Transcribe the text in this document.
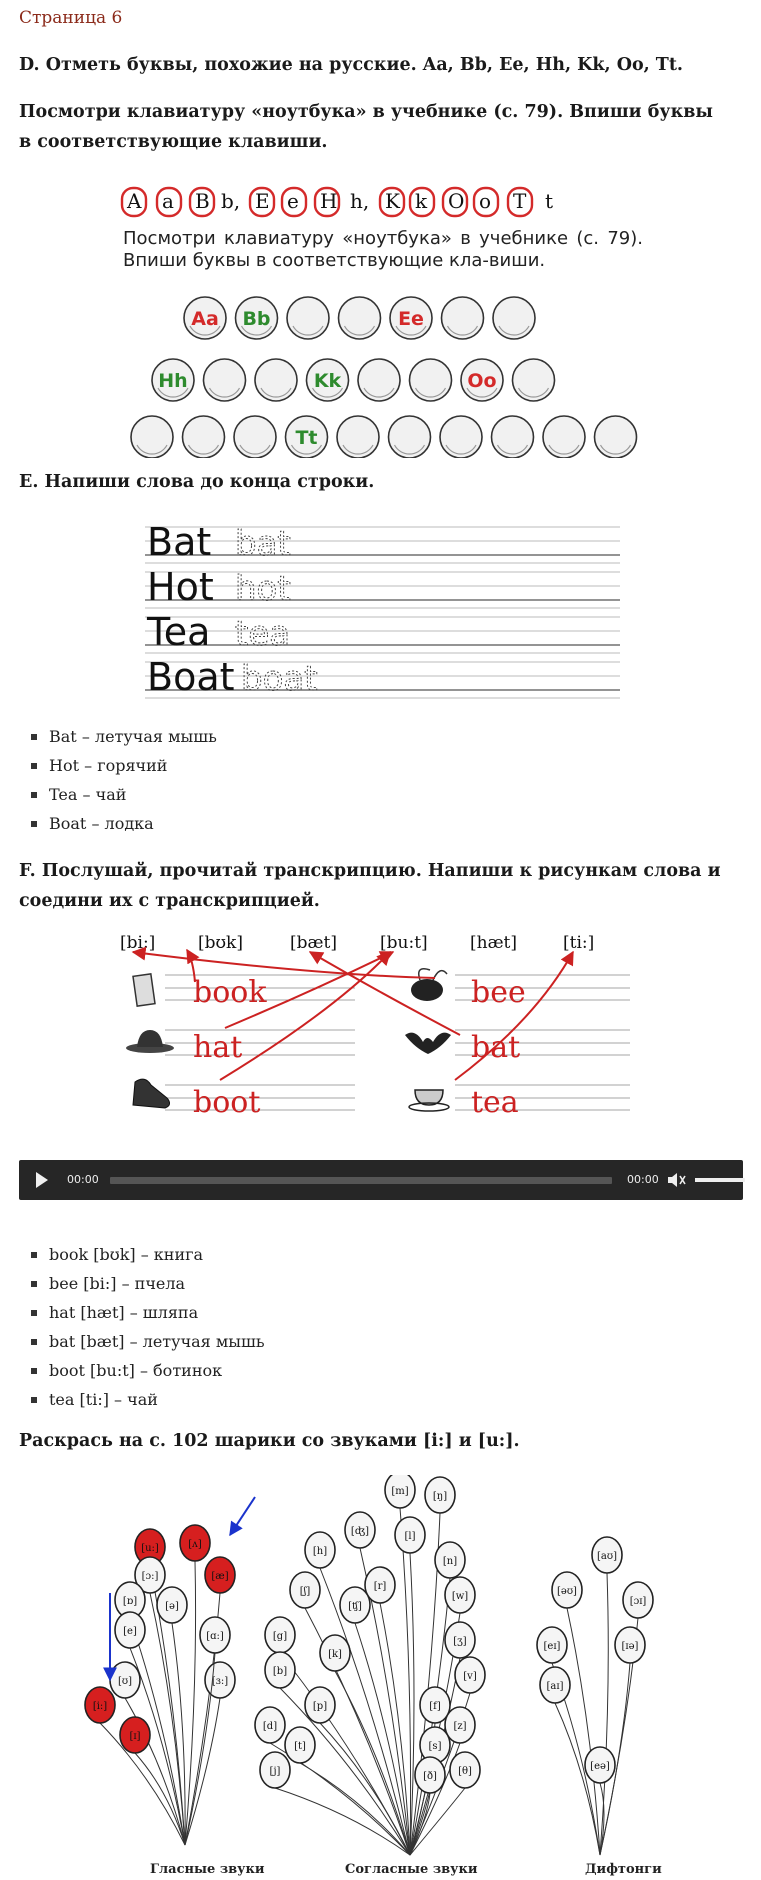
Страница 6
D. Отметь буквы, похожие на русские. Aa, Bb, Ee, Hh, Kk, Oo, Tt.
Посмотри клавиатуру «ноутбука» в учебнике (с. 79). Впиши буквы в соответствующие клавиши.
A a B b, E e H h, K k O o T t
Посмотри клавиатуру «ноутбука» в учебнике (с. 79). Впиши буквы в соответствующие кла-виши.
Aa Bb	Ee
Hh	Kk	Oo
Tt
E. Напиши слова до конца строки.
Bat bat
Hot hot
Tea tea
Boat boat
Bat – летучая мышь
Hot – горячий
Tea – чай
Boat – лодка
F. Послушай, прочитай транскрипцию. Напиши к рисункам слова и соедини их с транскрипцией.
[bi:]	[bʊk]	[bæt]	[bu:t] [hæt]	[ti:]
book
hat
boot
bee
bat
tea
00:00	00:00
book [bʊk] – книга
bee [bi:] – пчела
hat [hæt] – шляпа
bat [bæt] – летучая мышь
boot [bu:t] – ботинок
tea [ti:] – чай
Раскрась на с. 102 шарики со звуками [i:] и [u:].
[i:]
[u:]
[ɔ:]
[ʌ]
[ɒ]
[e]
[ə]
[æ]
[ʊ]	[ɜ:]
[ɪ]
[ɑ:]
Гласные звуки
[m] [ŋ]
[ʤ]	[l]
[h]
[n]
[ʃ]	[r]
[w]
[ʧ]
[g]	[ʒ]
[k]
[b]	[v]
[p]	[f]
[d]	[z]
[t]	[s]
[θ]
[j]	[ð]
Согласные звуки
[aʊ]
[əʊ]
[ɔɪ]
[eɪ]	[ɪə]
[aɪ]
[eə]
Дифтонги
